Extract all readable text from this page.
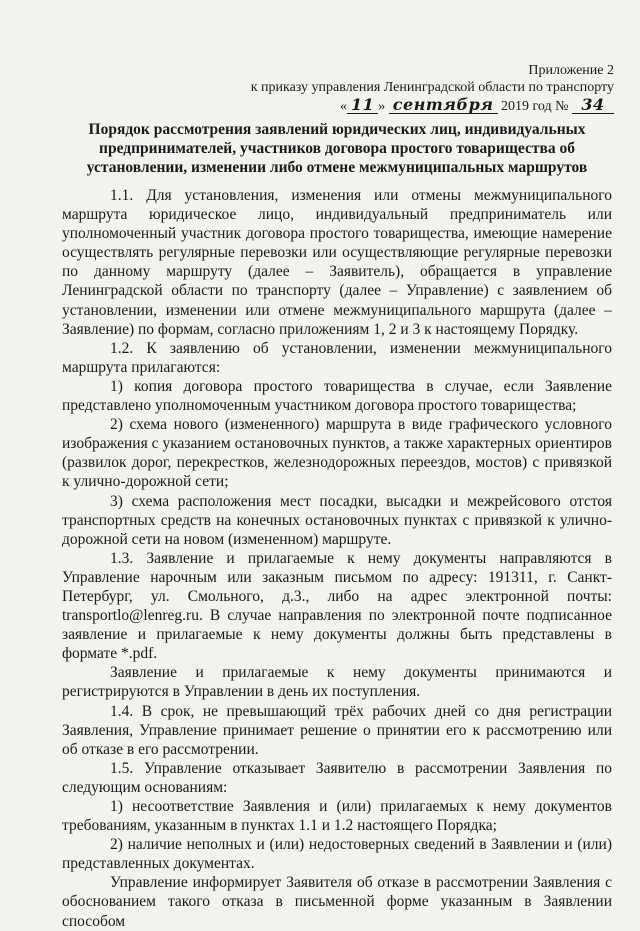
Приложение 2
к приказу управления Ленинградской области по транспорту
« 11 » сентября 2019 год № 34
Порядок рассмотрения заявлений юридических лиц, индивидуальных
предпринимателей, участников договора простого товарищества об
установлении, изменении либо отмене межмуниципальных маршрутов

1.1. Для установления, изменения или отмены межмуниципального маршрута юридическое лицо, индивидуальный предприниматель или уполномоченный участник договора простого товарищества, имеющие намерение осуществлять регулярные перевозки или осуществляющие регулярные перевозки по данному маршруту (далее – Заявитель), обращается в управление Ленинградской области по транспорту (далее – Управление) с заявлением об установлении, изменении или отмене межмуниципального маршрута (далее – Заявление) по формам, согласно приложениям 1, 2 и 3 к настоящему Порядку.

1.2. К заявлению об установлении, изменении межмуниципального маршрута прилагаются:

1) копия договора простого товарищества в случае, если Заявление представлено уполномоченным участником договора простого товарищества;

2) схема нового (измененного) маршрута в виде графического условного изображения с указанием остановочных пунктов, а также характерных ориентиров (развилок дорог, перекрестков, железнодорожных переездов, мостов) с привязкой к улично-дорожной сети;

3) схема расположения мест посадки, высадки и межрейсового отстоя транспортных средств на конечных остановочных пунктах с привязкой к улично-дорожной сети на новом (измененном) маршруте.

1.3. Заявление и прилагаемые к нему документы направляются в Управление нарочным или заказным письмом по адресу: 191311, г. Санкт-Петербург, ул. Смольного, д.3., либо на адрес электронной почты: transportlo@lenreg.ru. В случае направления по электронной почте подписанное заявление и прилагаемые к нему документы должны быть представлены в формате *.pdf.

Заявление и прилагаемые к нему документы принимаются и регистрируются в Управлении в день их поступления.

1.4. В срок, не превышающий трёх рабочих дней со дня регистрации Заявления, Управление принимает решение о принятии его к рассмотрению или об отказе в его рассмотрении.

1.5. Управление отказывает Заявителю в рассмотрении Заявления по следующим основаниям:

1) несоответствие Заявления и (или) прилагаемых к нему документов требованиям, указанным в пунктах 1.1 и 1.2 настоящего Порядка;

2) наличие неполных и (или) недостоверных сведений в Заявлении и (или) представленных документах.

Управление информирует Заявителя об отказе в рассмотрении Заявления с обоснованием такого отказа в письменной форме указанным в Заявлении способом
